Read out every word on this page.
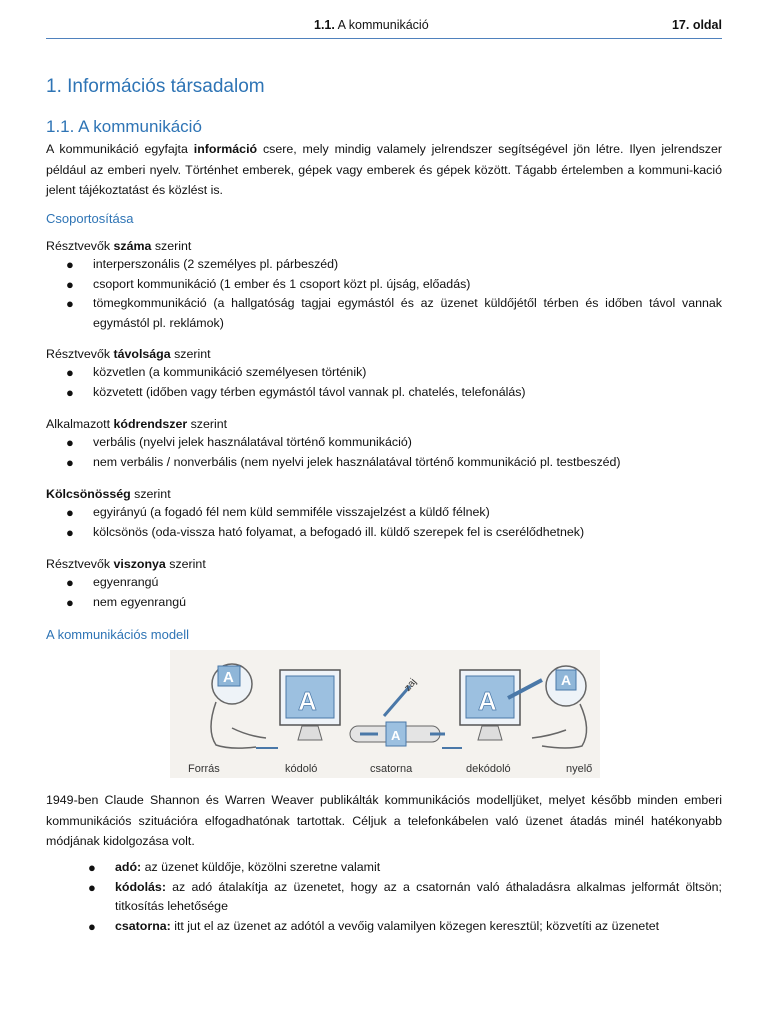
1.1. A kommunikáció	17. oldal
1. Információs társadalom
1.1. A kommunikáció
A kommunikáció egyfajta információ csere, mely mindig valamely jelrendszer segítségével jön létre. Ilyen jelrendszer például az emberi nyelv. Történhet emberek, gépek vagy emberek és gépek között. Tágabb értelemben a kommuni-kació jelent tájékoztatást és közlést is.
Csoportosítása
Résztvevők száma szerint
● interperszonális (2 személyes pl. párbeszéd)
● csoport kommunikáció (1 ember és 1 csoport közt pl. újság, előadás)
● tömegkommunikáció (a hallgatóság tagjai egymástól és az üzenet küldőjétől térben és időben távol vannak egymástól pl. reklámok)
Résztvevők távolsága szerint
● közvetlen (a kommunikáció személyesen történik)
● közvetett (időben vagy térben egymástól távol vannak pl. chatelés, telefonálás)
Alkalmazott kódrendszer szerint
● verbális (nyelvi jelek használatával történő kommunikáció)
● nem verbális / nonverbális (nem nyelvi jelek használatával történő kommunikáció pl. testbeszéd)
Kölcsönösség szerint
● egyirányú (a fogadó fél nem küld semmiféle visszajelzést a küldő félnek)
● kölcsönös (oda-vissza ható folyamat, a befogadó ill. küldő szerepek fel is cserélődhetnek)
Résztvevők viszonya szerint
● egyenrangú
● nem egyenrangú
A kommunikációs modell
A
A
A
zaj
A
A
Forrás	kódoló	csatorna	dekódoló	nyelő
1949-ben Claude Shannon és Warren Weaver publikálták kommunikációs modelljüket, melyet később minden emberi kommunikációs szituációra elfogadhatónak tartottak. Céljuk a telefonkábelen való üzenet átadás minél hatékonyabb módjának kidolgozása volt.
● adó: az üzenet küldője, közölni szeretne valamit
● kódolás: az adó átalakítja az üzenetet, hogy az a csatornán való áthaladásra alkalmas jelformát öltsön; titkosítás lehetősége
● csatorna: itt jut el az üzenet az adótól a vevőig valamilyen közegen keresztül; közvetíti az üzenetet
